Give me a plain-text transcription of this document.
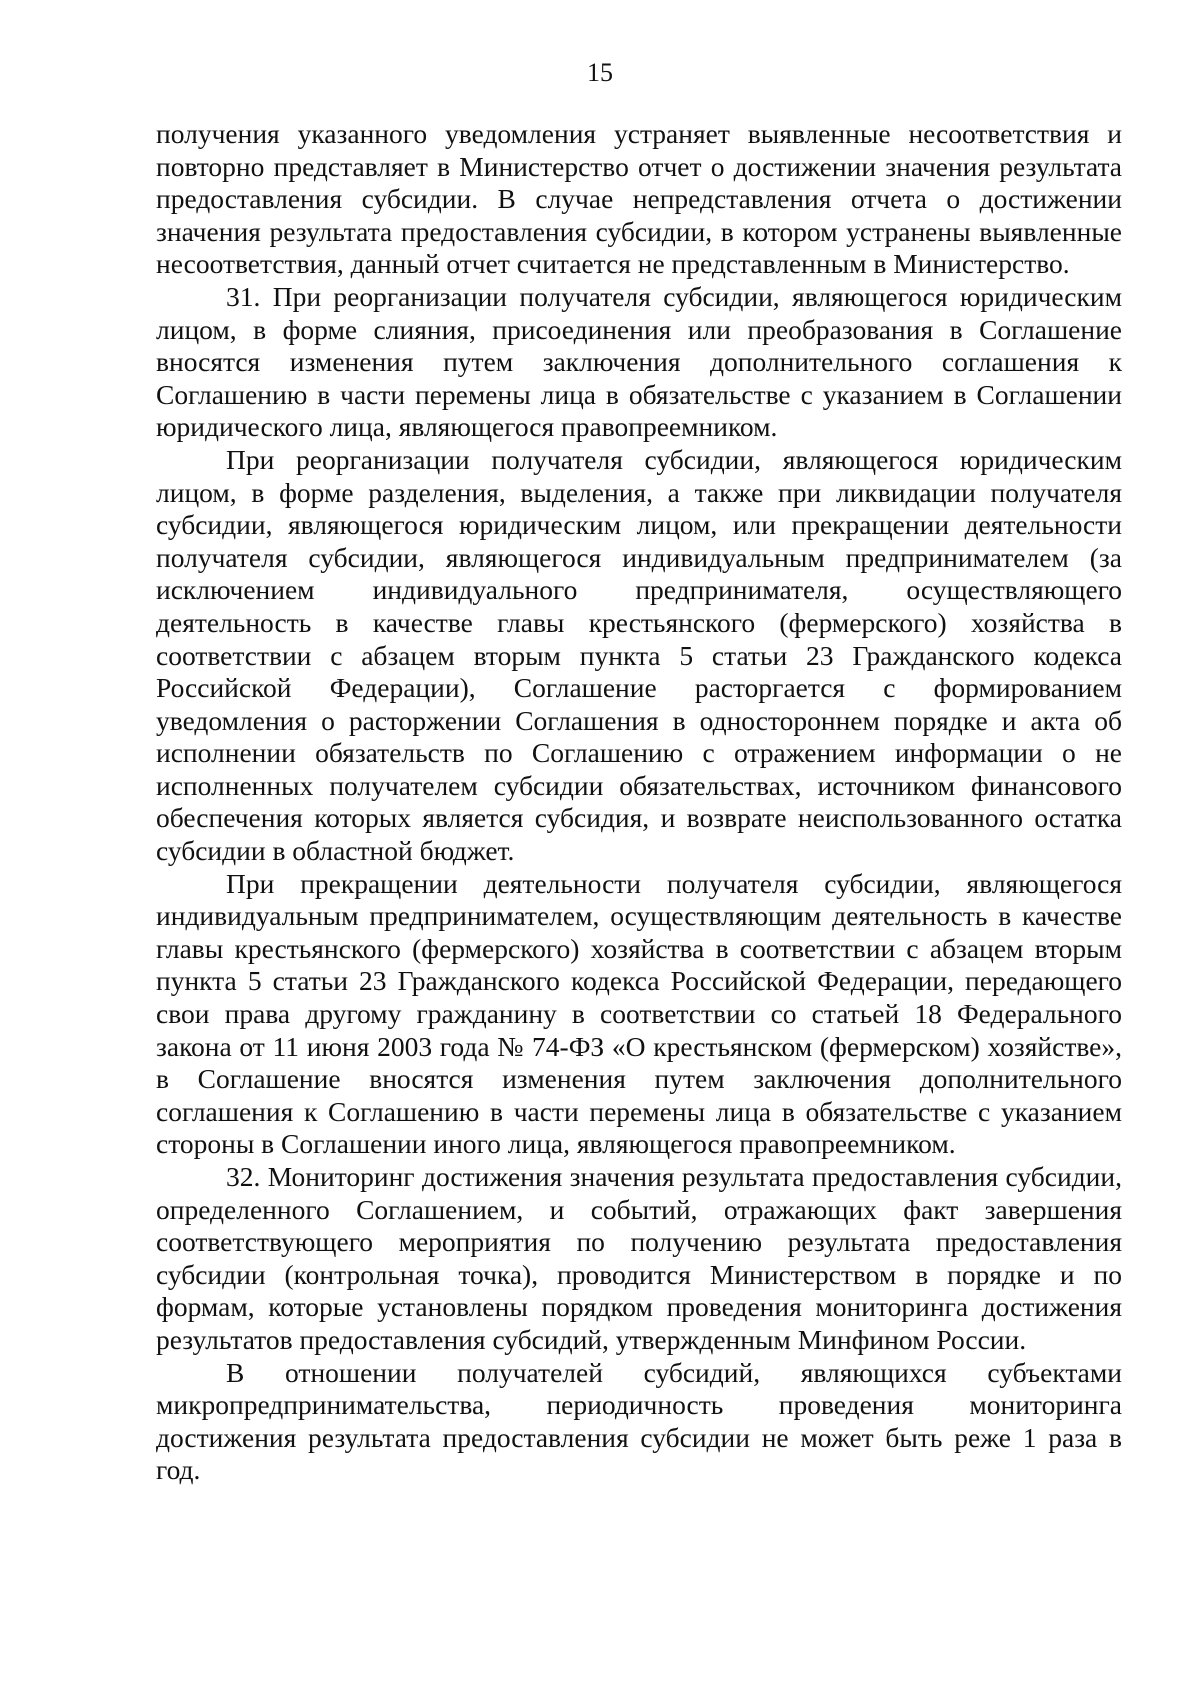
15

получения указанного уведомления устраняет выявленные несоответствия и повторно представляет в Министерство отчет о достижении значения результата предоставления субсидии. В случае непредставления отчета о достижении значения результата предоставления субсидии, в котором устранены выявленные несоответствия, данный отчет считается не представленным в Министерство.

31. При реорганизации получателя субсидии, являющегося юридическим лицом, в форме слияния, присоединения или преобразования в Соглашение вносятся изменения путем заключения дополнительного соглашения к Соглашению в части перемены лица в обязательстве с указанием в Соглашении юридического лица, являющегося правопреемником.

При реорганизации получателя субсидии, являющегося юридическим лицом, в форме разделения, выделения, а также при ликвидации получателя субсидии, являющегося юридическим лицом, или прекращении деятельности получателя субсидии, являющегося индивидуальным предпринимателем (за исключением индивидуального предпринимателя, осуществляющего деятельность в качестве главы крестьянского (фермерского) хозяйства в соответствии с абзацем вторым пункта 5 статьи 23 Гражданского кодекса Российской Федерации), Соглашение расторгается с формированием уведомления о расторжении Соглашения в одностороннем порядке и акта об исполнении обязательств по Соглашению с отражением информации о не исполненных получателем субсидии обязательствах, источником финансового обеспечения которых является субсидия, и возврате неиспользованного остатка субсидии в областной бюджет.

При прекращении деятельности получателя субсидии, являющегося индивидуальным предпринимателем, осуществляющим деятельность в качестве главы крестьянского (фермерского) хозяйства в соответствии с абзацем вторым пункта 5 статьи 23 Гражданского кодекса Российской Федерации, передающего свои права другому гражданину в соответствии со статьей 18 Федерального закона от 11 июня 2003 года № 74-ФЗ «О крестьянском (фермерском) хозяйстве», в Соглашение вносятся изменения путем заключения дополнительного соглашения к Соглашению в части перемены лица в обязательстве с указанием стороны в Соглашении иного лица, являющегося правопреемником.

32. Мониторинг достижения значения результата предоставления субсидии, определенного Соглашением, и событий, отражающих факт завершения соответствующего мероприятия по получению результата предоставления субсидии (контрольная точка), проводится Министерством в порядке и по формам, которые установлены порядком проведения мониторинга достижения результатов предоставления субсидий, утвержденным Минфином России.

В отношении получателей субсидий, являющихся субъектами микропредпринимательства, периодичность проведения мониторинга достижения результата предоставления субсидии не может быть реже 1 раза в год.
